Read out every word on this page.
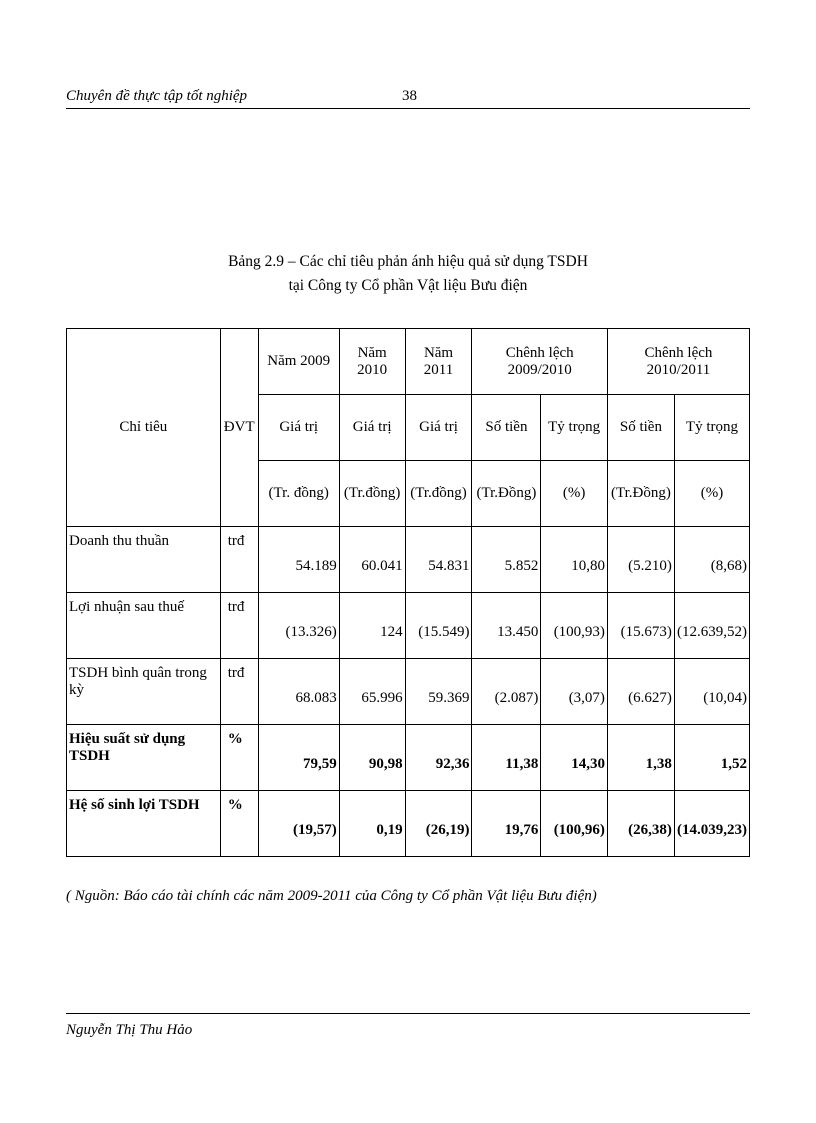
Chuyên đề thực tập tốt nghiệp	38
Bảng 2.9 – Các chỉ tiêu phản ánh hiệu quả sử dụng TSDH
tại Công ty Cổ phần Vật liệu Bưu điện
Chỉ tiêu	ĐVT	Năm 2009	Năm 2010	Năm 2011	Chênh lệch 2009/2010		Chênh lệch 2010/2011	
		Giá trị	Giá trị	Giá trị	Số tiền	Tỷ trọng	Số tiền	Tỷ trọng
		(Tr. đồng)	(Tr.đồng)	(Tr.đồng)	(Tr.Đồng)	(%)	(Tr.Đồng)	(%)
Doanh thu thuần	trđ	54.189	60.041	54.831	5.852	10,80	(5.210)	(8,68)
Lợi nhuận sau thuế	trđ	(13.326)	124	(15.549)	13.450	(100,93)	(15.673)	(12.639,52)
TSDH bình quân trong kỳ	trđ	68.083	65.996	59.369	(2.087)	(3,07)	(6.627)	(10,04)
Hiệu suất sử dụng TSDH	%	79,59	90,98	92,36	11,38	14,30	1,38	1,52
Hệ số sinh lợi TSDH	%	(19,57)	0,19	(26,19)	19,76	(100,96)	(26,38)	(14.039,23)
( Nguồn: Báo cáo tài chính các năm 2009-2011 của Công ty Cổ phần Vật liệu Bưu điện)
Nguyễn Thị Thu Hảo
